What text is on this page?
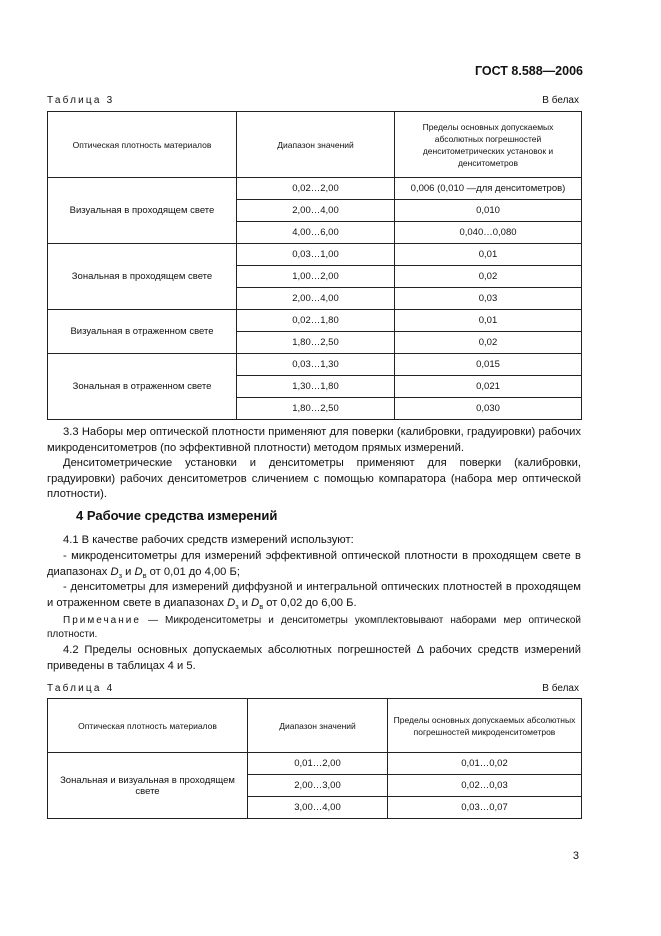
ГОСТ 8.588—2006
Таблица 3	В белах
Оптическая плотность материалов	Диапазон значений	Пределы основных допускаемых абсолютных погрешностей денситометрических установок и денситометров
Визуальная в проходящем свете	0,02…2,00	0,006 (0,010 —для денситометров)
	2,00…4,00	0,010
	4,00…6,00	0,040…0,080
Зональная в проходящем свете	0,03…1,00	0,01
	1,00…2,00	0,02
	2,00…4,00	0,03
Визуальная в отраженном свете	0,02…1,80	0,01
	1,80…2,50	0,02
Зональная в отраженном свете	0,03…1,30	0,015
	1,30…1,80	0,021
	1,80…2,50	0,030
3.3 Наборы мер оптической плотности применяют для поверки (калибровки, градуировки) рабочих микроденситометров (по эффективной плотности) методом прямых измерений.
Денситометрические установки и денситометры применяют для поверки (калибровки, градуировки) рабочих денситометров сличением с помощью компаратора (набора мер оптической плотности).
4 Рабочие средства измерений
4.1 В качестве рабочих средств измерений используют:
- микроденситометры для измерений эффективной оптической плотности в проходящем свете в диапазонах $D_з$ и $D_в$ от 0,01 до 4,00 Б;
- денситометры для измерений диффузной и интегральной оптических плотностей в проходящем и отраженном свете в диапазонах $D_з$ и $D_в$ от 0,02 до 6,00 Б.
Примечание — Микроденситометры и денситометры укомплектовывают наборами мер оптической плотности.
4.2 Пределы основных допускаемых абсолютных погрешностей Δ рабочих средств измерений приведены в таблицах 4 и 5.
Таблица 4	В белах
Оптическая плотность материалов	Диапазон значений	Пределы основных допускаемых абсолютных погрешностей микроденситометров
Зональная и визуальная в проходящем свете	0,01…2,00	0,01…0,02
	2,00…3,00	0,02…0,03
	3,00…4,00	0,03…0,07
3
